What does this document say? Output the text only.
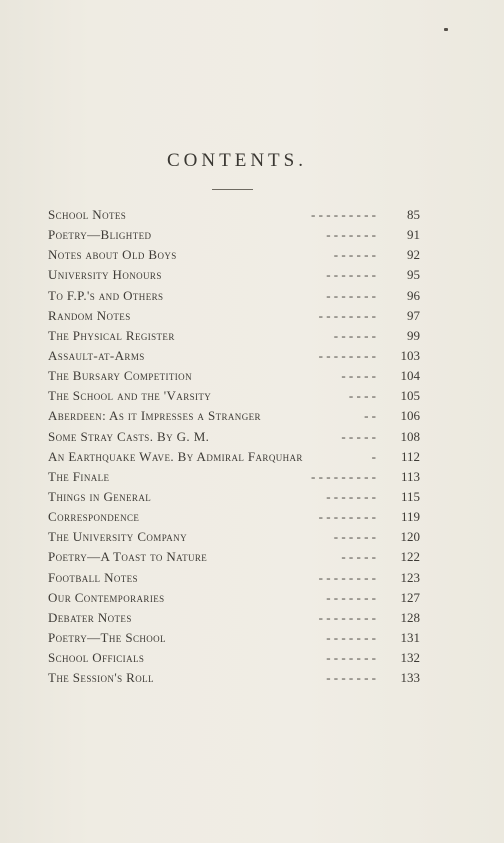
CONTENTS.
School Notes	- - - - - - - - - 85
Poetry—Blighted	- - - - - - - 91
Notes about Old Boys	- - - - - - 92
University Honours	- - - - - - - 95
To F.P.'s and Others	- - - - - - - 96
Random Notes	- - - - - - - - 97
The Physical Register	- - - - - - 99
Assault-at-Arms	- - - - - - - - 103
The Bursary Competition	- - - - - 104
The School and the 'Varsity	- - - - 105
Aberdeen: As it Impresses a Stranger	- - 106
Some Stray Casts. By G. M.	- - - - - 108
An Earthquake Wave. By Admiral Farquhar	- 112
The Finale	- - - - - - - - - 113
Things in General	- - - - - - - 115
Correspondence	- - - - - - - - 119
The University Company	- - - - - - 120
Poetry—A Toast to Nature	- - - - - 122
Football Notes	- - - - - - - - 123
Our Contemporaries	- - - - - - - 127
Debater Notes	- - - - - - - - 128
Poetry—The School	- - - - - - - 131
School Officials	- - - - - - - 132
The Session's Roll	- - - - - - - 133
